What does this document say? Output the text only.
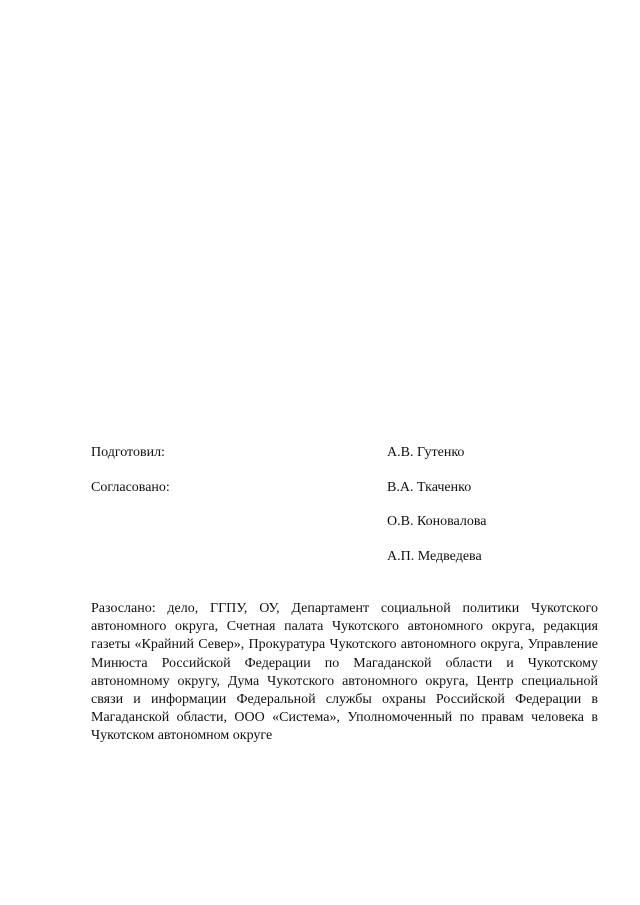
Подготовил:	А.В. Гутенко
Согласовано:	В.А. Ткаченко
О.В. Коновалова
А.П. Медведева

Разослано: дело, ГГПУ, ОУ, Департамент социальной политики Чукотского автономного округа, Счетная палата Чукотского автономного округа, редакция газеты «Крайний Север», Прокуратура Чукотского автономного округа, Управление Минюста Российской Федерации по Магаданской области и Чукотскому автономному округу, Дума Чукотского автономного округа, Центр специальной связи и информации Федеральной службы охраны Российской Федерации в Магаданской области, ООО «Система», Уполномоченный по правам человека в Чукотском автономном округе
